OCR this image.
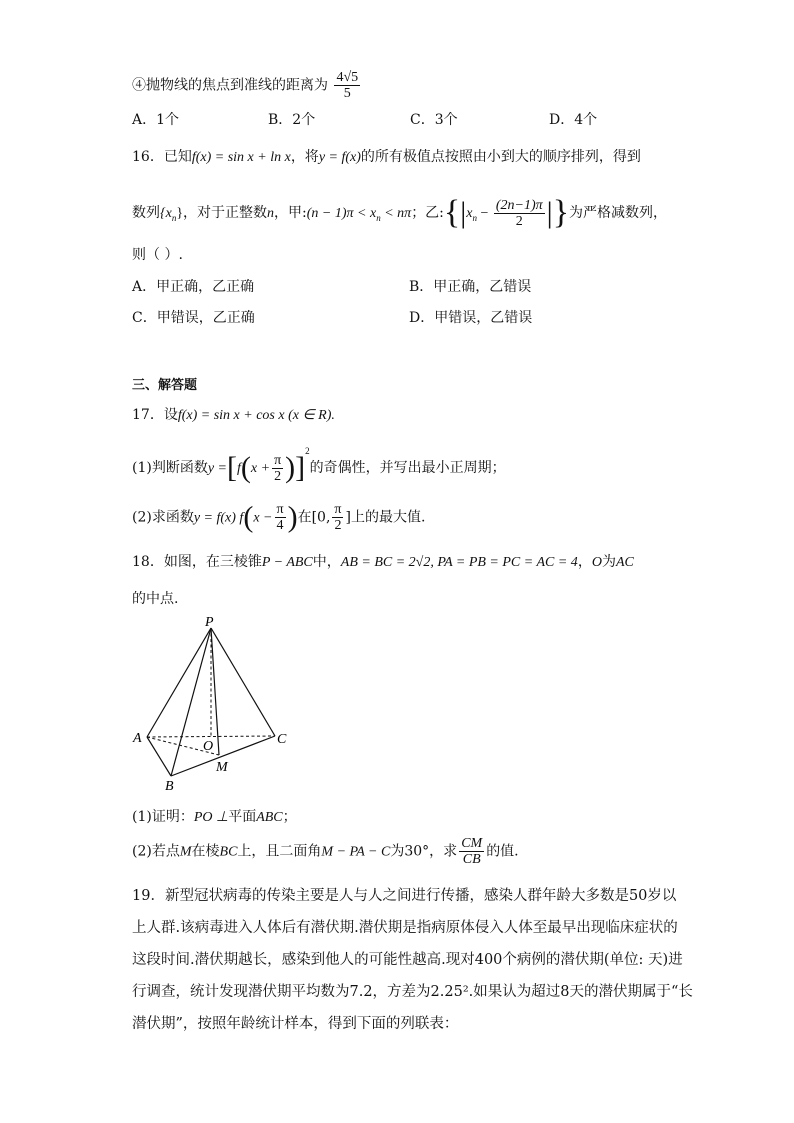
④抛物线的焦点到准线的距离为 $\frac{4√5}{5}$
A．1个	B．2个	C．3个	D．4个
16．已知f(x) = sin x + ln x，将y = f(x)的所有极值点按照由小到大的顺序排列，得到
数列$\{x_n\}$，对于正整数n，甲:(n − $1)\pi < x_n < n\pi$；乙$:\{|x_n - \frac{(2n-1)\pi}{2}$ |}为严格减数列，
则（ ）.
A．甲正确，乙正确	B．甲正确，乙错误
C．甲错误，乙正确	D．甲错误，乙错误
三、解答题
17．设f(x) = sin x + cos x (x ∈ R).
(1)判断函数$y =[f(x + \frac{\pi}{2} )]^2$的奇偶性，并写出最小正周期；
(2)求函数y = f(x) $f(x - \frac{\pi}{4}$ )在[0, $\frac{\pi}{2}$ ]上的最大值.
18．如图，在三棱锥P − ABC中，AB = BC = 2√2, PA = PB = PC = AC = 4，O为AC
的中点.
P
A	C
O
M
B
(1)证明：PO ⊥平面ABC；
(2)若点M在棱BC上，且二面角M − PA − C为30°，求 $\frac{CM}{CB}$ 的值.
19．新型冠状病毒的传染主要是人与人之间进行传播，感染人群年龄大多数是50岁以
上人群.该病毒进入人体后有潜伏期.潜伏期是指病原体侵入人体至最早出现临床症状的
这段时间.潜伏期越长，感染到他人的可能性越高.现对400个病例的潜伏期(单位: 天)进
行调查，统计发现潜伏期平均数为7.2，方差为2.25².如果认为超过8天的潜伏期属于“长
潜伏期”，按照年龄统计样本，得到下面的列联表：
